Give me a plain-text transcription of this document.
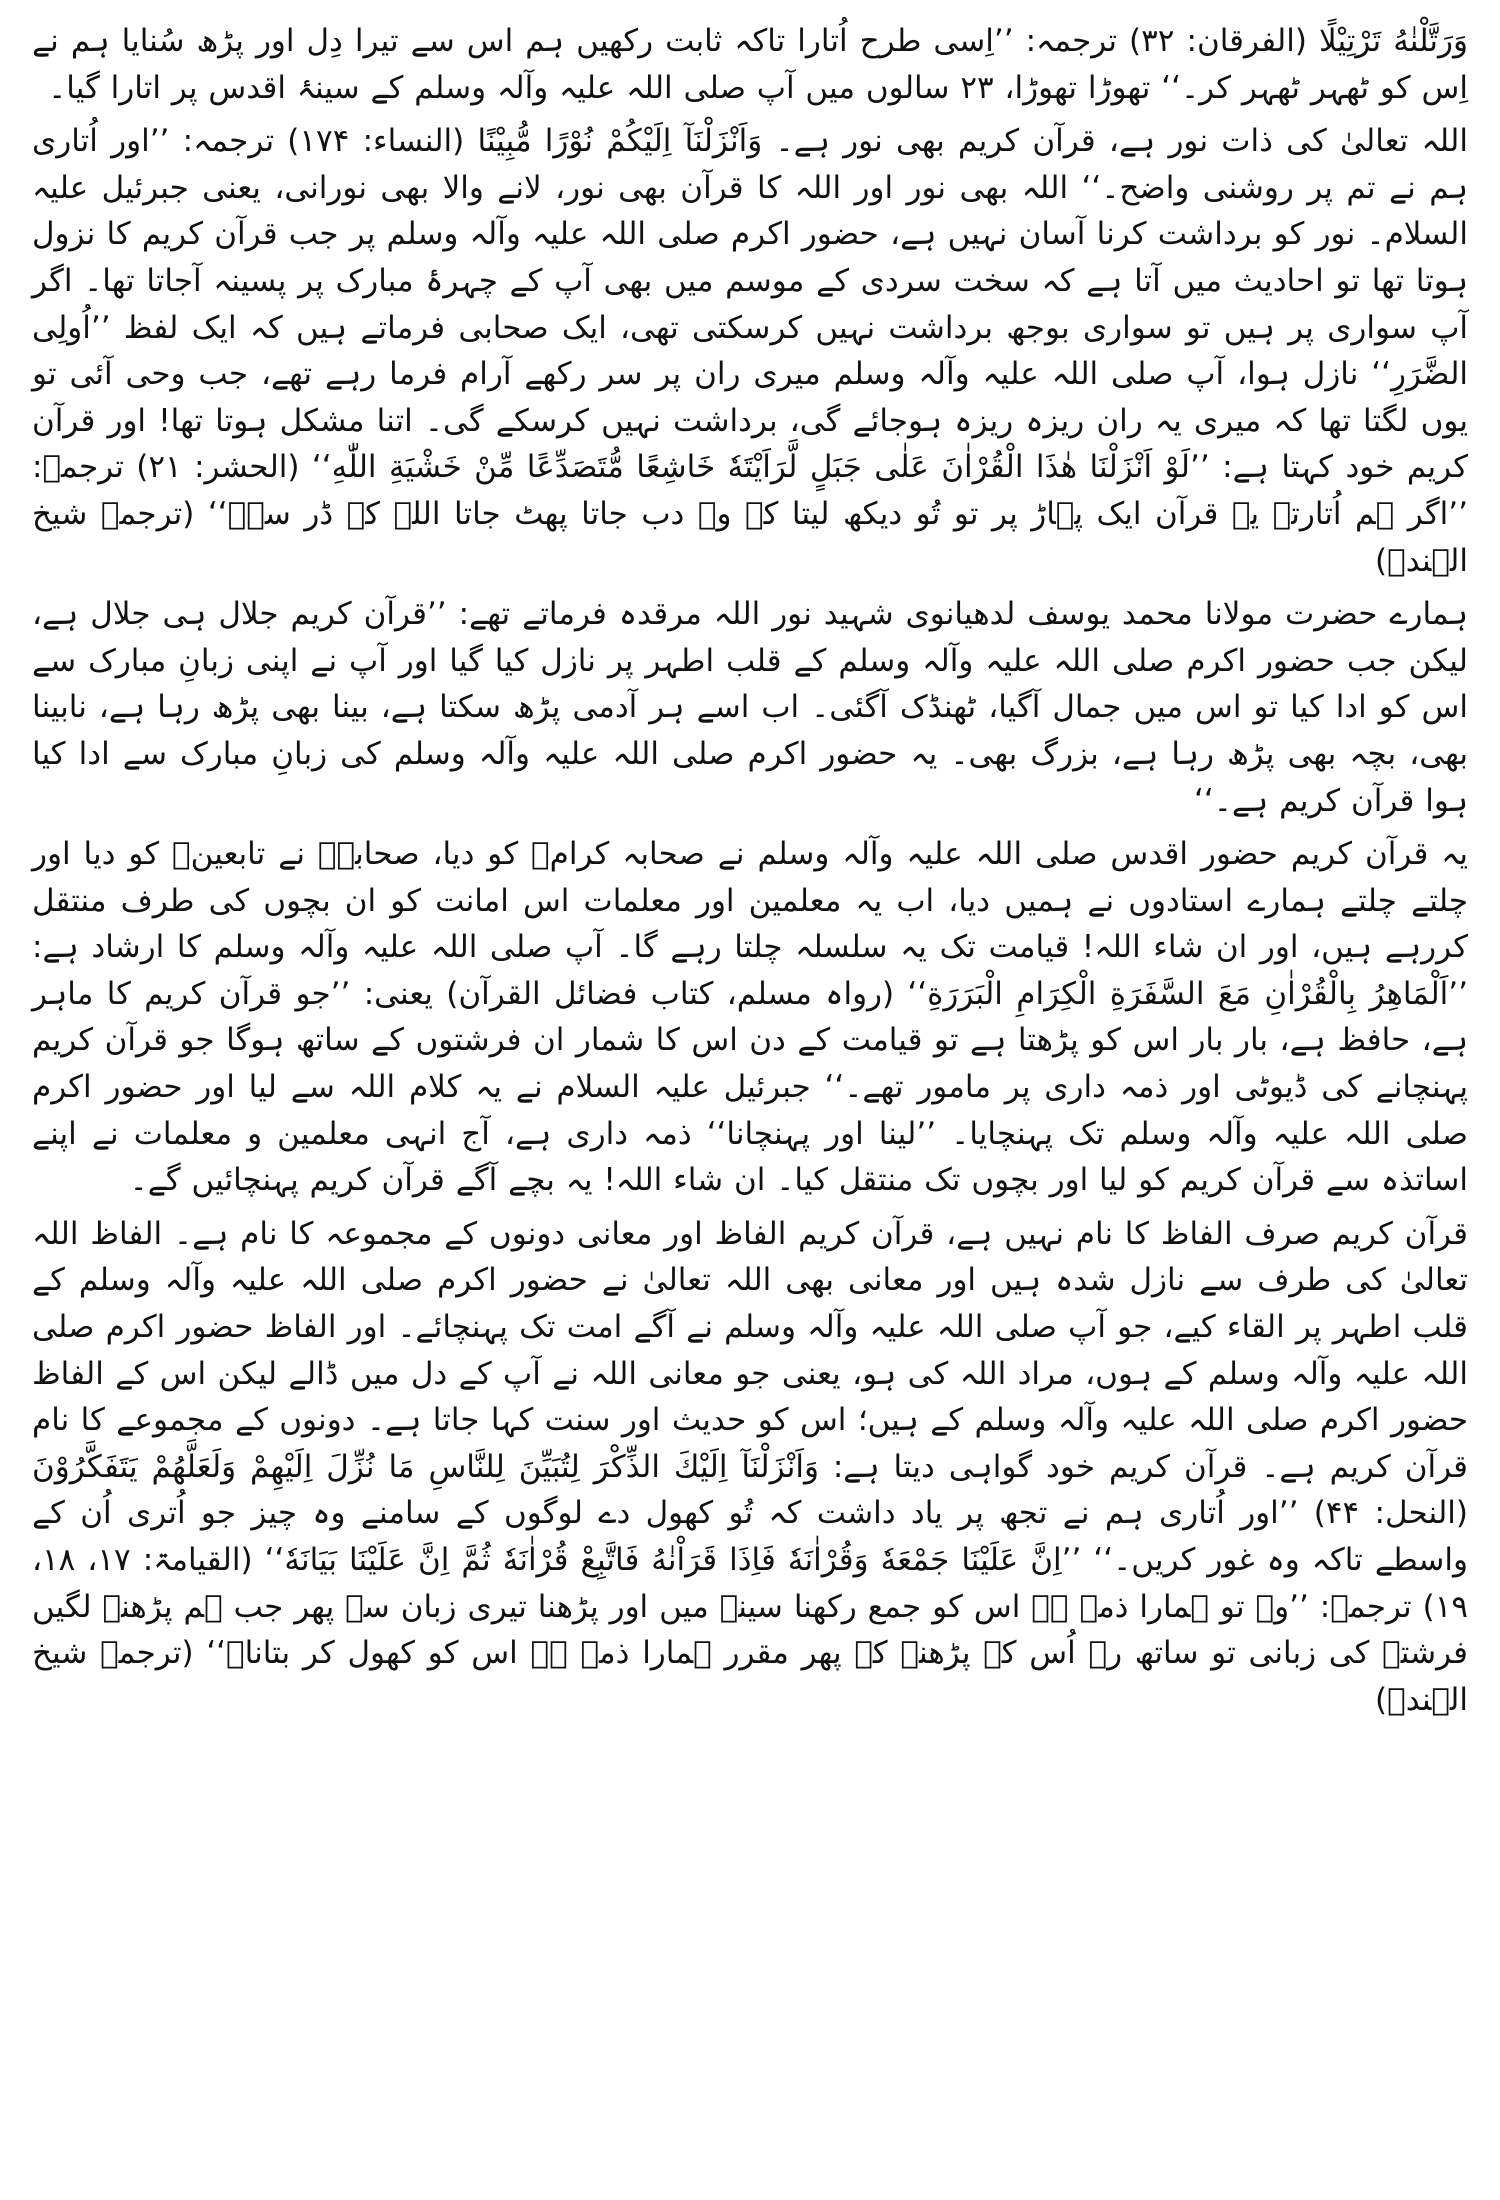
وَرَتَّلْنٰهُ تَرْتِيْلًا (الفرقان: ۳۲) ترجمہ: ’’اِسی طرح اُتارا تاکہ ثابت رکھیں ہم اس سے تیرا دِل اور پڑھ سُنایا ہم نے اِس کو ٹھہر ٹھہر کر۔‘‘ تھوڑا تھوڑا، ۲۳ سالوں میں آپ صلی اللہ علیہ وآلہ وسلم کے سینۂ اقدس پر اتارا گیا۔

اللہ تعالیٰ کی ذات نور ہے، قرآن کریم بھی نور ہے۔ وَاَنْزَلْنَآ اِلَيْكُمْ نُوْرًا مُّبِيْنًا (النساء: ۱۷۴) ترجمہ: ’’اور اُتاری ہم نے تم پر روشنی واضح۔‘‘ اللہ بھی نور اور اللہ کا قرآن بھی نور، لانے والا بھی نورانی، یعنی جبرئیل علیہ السلام۔ نور کو برداشت کرنا آسان نہیں ہے، حضور اکرم صلی اللہ علیہ وآلہ وسلم پر جب قرآن کریم کا نزول ہوتا تھا تو احادیث میں آتا ہے کہ سخت سردی کے موسم میں بھی آپ کے چہرۂ مبارک پر پسینہ آجاتا تھا۔ اگر آپ سواری پر ہیں تو سواری بوجھ برداشت نہیں کرسکتی تھی، ایک صحابی فرماتے ہیں کہ ایک لفظ ’’اُولِی الضَّرَرِ‘‘ نازل ہوا، آپ صلی اللہ علیہ وآلہ وسلم میری ران پر سر رکھے آرام فرما رہے تھے، جب وحی آئی تو یوں لگتا تھا کہ میری یہ ران ریزہ ریزہ ہوجائے گی، برداشت نہیں کرسکے گی۔ اتنا مشکل ہوتا تھا! اور قرآن کریم خود کہتا ہے: ’’لَوْ اَنْزَلْنَا هٰذَا الْقُرْاٰنَ عَلٰى جَبَلٍ لَّرَاَيْتَهٗ خَاشِعًا مُّتَصَدِّعًا مِّنْ خَشْيَةِ اللّٰهِ‘‘ (الحشر: ۲۱) ترجمہ: ’’اگر ہم اُتارتے یہ قرآن ایک پہاڑ پر تو تُو دیکھ لیتا کہ وہ دب جاتا پھٹ جاتا اللہ کے ڈر سے۔‘‘ (ترجمہ شیخ الہندؒ)

ہمارے حضرت مولانا محمد یوسف لدھیانوی شہید نور اللہ مرقدہ فرماتے تھے: ’’قرآن کریم جلال ہی جلال ہے، لیکن جب حضور اکرم صلی اللہ علیہ وآلہ وسلم کے قلب اطہر پر نازل کیا گیا اور آپ نے اپنی زبانِ مبارک سے اس کو ادا کیا تو اس میں جمال آگیا، ٹھنڈک آگئی۔ اب اسے ہر آدمی پڑھ سکتا ہے، بینا بھی پڑھ رہا ہے، نابینا بھی، بچہ بھی پڑھ رہا ہے، بزرگ بھی۔ یہ حضور اکرم صلی اللہ علیہ وآلہ وسلم کی زبانِ مبارک سے ادا کیا ہوا قرآن کریم ہے۔‘‘

یہ قرآن کریم حضور اقدس صلی اللہ علیہ وآلہ وسلم نے صحابہ کرامؓ کو دیا، صحابہؓ نے تابعینؒ کو دیا اور چلتے چلتے ہمارے استادوں نے ہمیں دیا، اب یہ معلمین اور معلمات اس امانت کو ان بچوں کی طرف منتقل کررہے ہیں، اور ان شاء اللہ! قیامت تک یہ سلسلہ چلتا رہے گا۔ آپ صلی اللہ علیہ وآلہ وسلم کا ارشاد ہے: ’’اَلْمَاهِرُ بِالْقُرْاٰنِ مَعَ السَّفَرَةِ الْكِرَامِ الْبَرَرَةِ‘‘ (رواہ مسلم، کتاب فضائل القرآن) یعنی: ’’جو قرآن کریم کا ماہر ہے، حافظ ہے، بار بار اس کو پڑھتا ہے تو قیامت کے دن اس کا شمار ان فرشتوں کے ساتھ ہوگا جو قرآن کریم پہنچانے کی ڈیوٹی اور ذمہ داری پر مامور تھے۔‘‘ جبرئیل علیہ السلام نے یہ کلام اللہ سے لیا اور حضور اکرم صلی اللہ علیہ وآلہ وسلم تک پہنچایا۔ ’’لینا اور پہنچانا‘‘ ذمہ داری ہے، آج انہی معلمین و معلمات نے اپنے اساتذہ سے قرآن کریم کو لیا اور بچوں تک منتقل کیا۔ ان شاء اللہ! یہ بچے آگے قرآن کریم پہنچائیں گے۔

قرآن کریم صرف الفاظ کا نام نہیں ہے، قرآن کریم الفاظ اور معانی دونوں کے مجموعہ کا نام ہے۔ الفاظ اللہ تعالیٰ کی طرف سے نازل شدہ ہیں اور معانی بھی اللہ تعالیٰ نے حضور اکرم صلی اللہ علیہ وآلہ وسلم کے قلب اطہر پر القاء کیے، جو آپ صلی اللہ علیہ وآلہ وسلم نے آگے امت تک پہنچائے۔ اور الفاظ حضور اکرم صلی اللہ علیہ وآلہ وسلم کے ہوں، مراد اللہ کی ہو، یعنی جو معانی اللہ نے آپ کے دل میں ڈالے لیکن اس کے الفاظ حضور اکرم صلی اللہ علیہ وآلہ وسلم کے ہیں؛ اس کو حدیث اور سنت کہا جاتا ہے۔ دونوں کے مجموعے کا نام قرآن کریم ہے۔ قرآن کریم خود گواہی دیتا ہے: وَاَنْزَلْنَآ اِلَيْكَ الذِّكْرَ لِتُبَيِّنَ لِلنَّاسِ مَا نُزِّلَ اِلَيْهِمْ وَلَعَلَّهُمْ يَتَفَكَّرُوْنَ (النحل: ۴۴) ’’اور اُتاری ہم نے تجھ پر یاد داشت کہ تُو کھول دے لوگوں کے سامنے وہ چیز جو اُتری اُن کے واسطے تاکہ وہ غور کریں۔‘‘ ’’اِنَّ عَلَيْنَا جَمْعَهٗ وَقُرْاٰنَهٗ فَاِذَا قَرَاْنٰهُ فَاتَّبِعْ قُرْاٰنَهٗ ثُمَّ اِنَّ عَلَيْنَا بَيَانَهٗ‘‘ (القیامۃ: ۱۷، ۱۸، ۱۹) ترجمہ: ’’وہ تو ہمارا ذمہ ہے اس کو جمع رکھنا سینہ میں اور پڑھنا تیری زبان سے پھر جب ہم پڑھنے لگیں فرشتہ کی زبانی تو ساتھ رہ اُس کے پڑھنے کے پھر مقرر ہمارا ذمہ ہے اس کو کھول کر بتانا۔‘‘ (ترجمہ شیخ الہندؒ)
